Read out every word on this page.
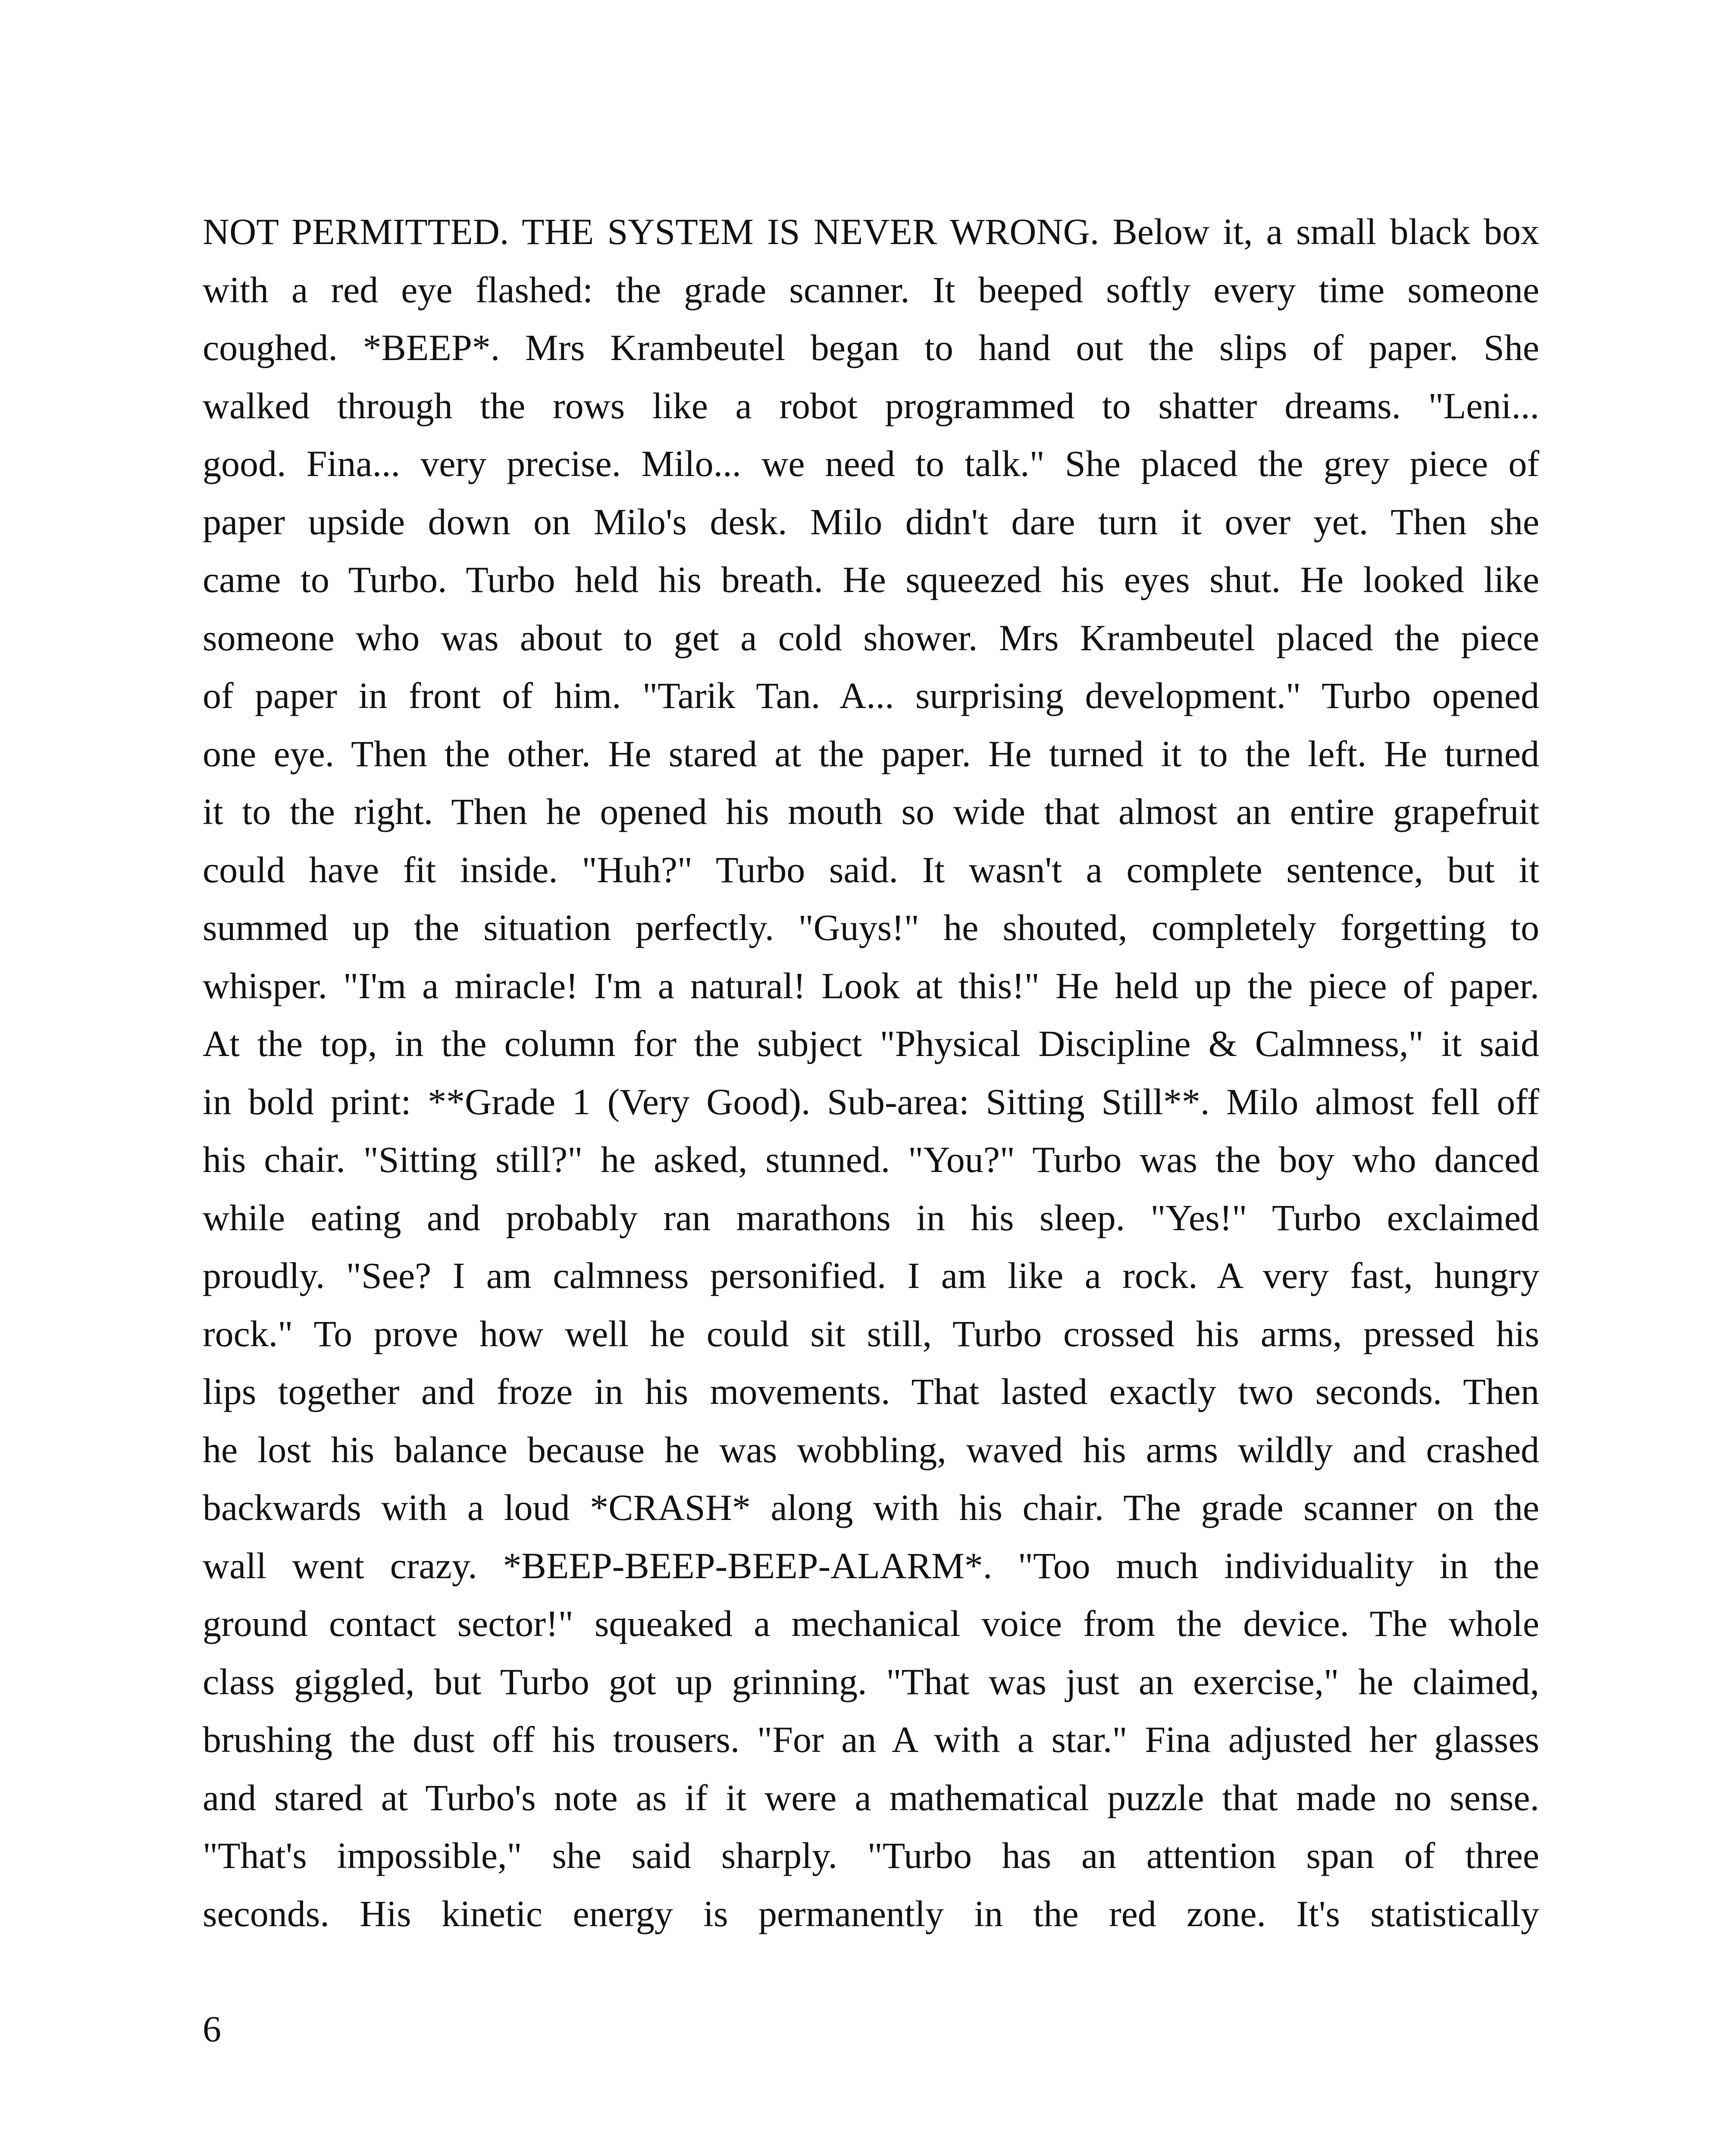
NOT PERMITTED. THE SYSTEM IS NEVER WRONG. Below it, a small black box
with a red eye flashed: the grade scanner. It beeped softly every time someone
coughed. *BEEP*. Mrs Krambeutel began to hand out the slips of paper. She
walked through the rows like a robot programmed to shatter dreams. "Leni...
good. Fina... very precise. Milo... we need to talk." She placed the grey piece of
paper upside down on Milo's desk. Milo didn't dare turn it over yet. Then she
came to Turbo. Turbo held his breath. He squeezed his eyes shut. He looked like
someone who was about to get a cold shower. Mrs Krambeutel placed the piece
of paper in front of him. "Tarik Tan. A... surprising development." Turbo opened
one eye. Then the other. He stared at the paper. He turned it to the left. He turned
it to the right. Then he opened his mouth so wide that almost an entire grapefruit
could have fit inside. "Huh?" Turbo said. It wasn't a complete sentence, but it
summed up the situation perfectly. "Guys!" he shouted, completely forgetting to
whisper. "I'm a miracle! I'm a natural! Look at this!" He held up the piece of paper.
At the top, in the column for the subject "Physical Discipline & Calmness," it said
in bold print: **Grade 1 (Very Good). Sub-area: Sitting Still**. Milo almost fell off
his chair. "Sitting still?" he asked, stunned. "You?" Turbo was the boy who danced
while eating and probably ran marathons in his sleep. "Yes!" Turbo exclaimed
proudly. "See? I am calmness personified. I am like a rock. A very fast, hungry
rock." To prove how well he could sit still, Turbo crossed his arms, pressed his
lips together and froze in his movements. That lasted exactly two seconds. Then
he lost his balance because he was wobbling, waved his arms wildly and crashed
backwards with a loud *CRASH* along with his chair. The grade scanner on the
wall went crazy. *BEEP-BEEP-BEEP-ALARM*. "Too much individuality in the
ground contact sector!" squeaked a mechanical voice from the device. The whole
class giggled, but Turbo got up grinning. "That was just an exercise," he claimed,
brushing the dust off his trousers. "For an A with a star." Fina adjusted her glasses
and stared at Turbo's note as if it were a mathematical puzzle that made no sense.
"That's impossible," she said sharply. "Turbo has an attention span of three
seconds. His kinetic energy is permanently in the red zone. It's statistically
6
